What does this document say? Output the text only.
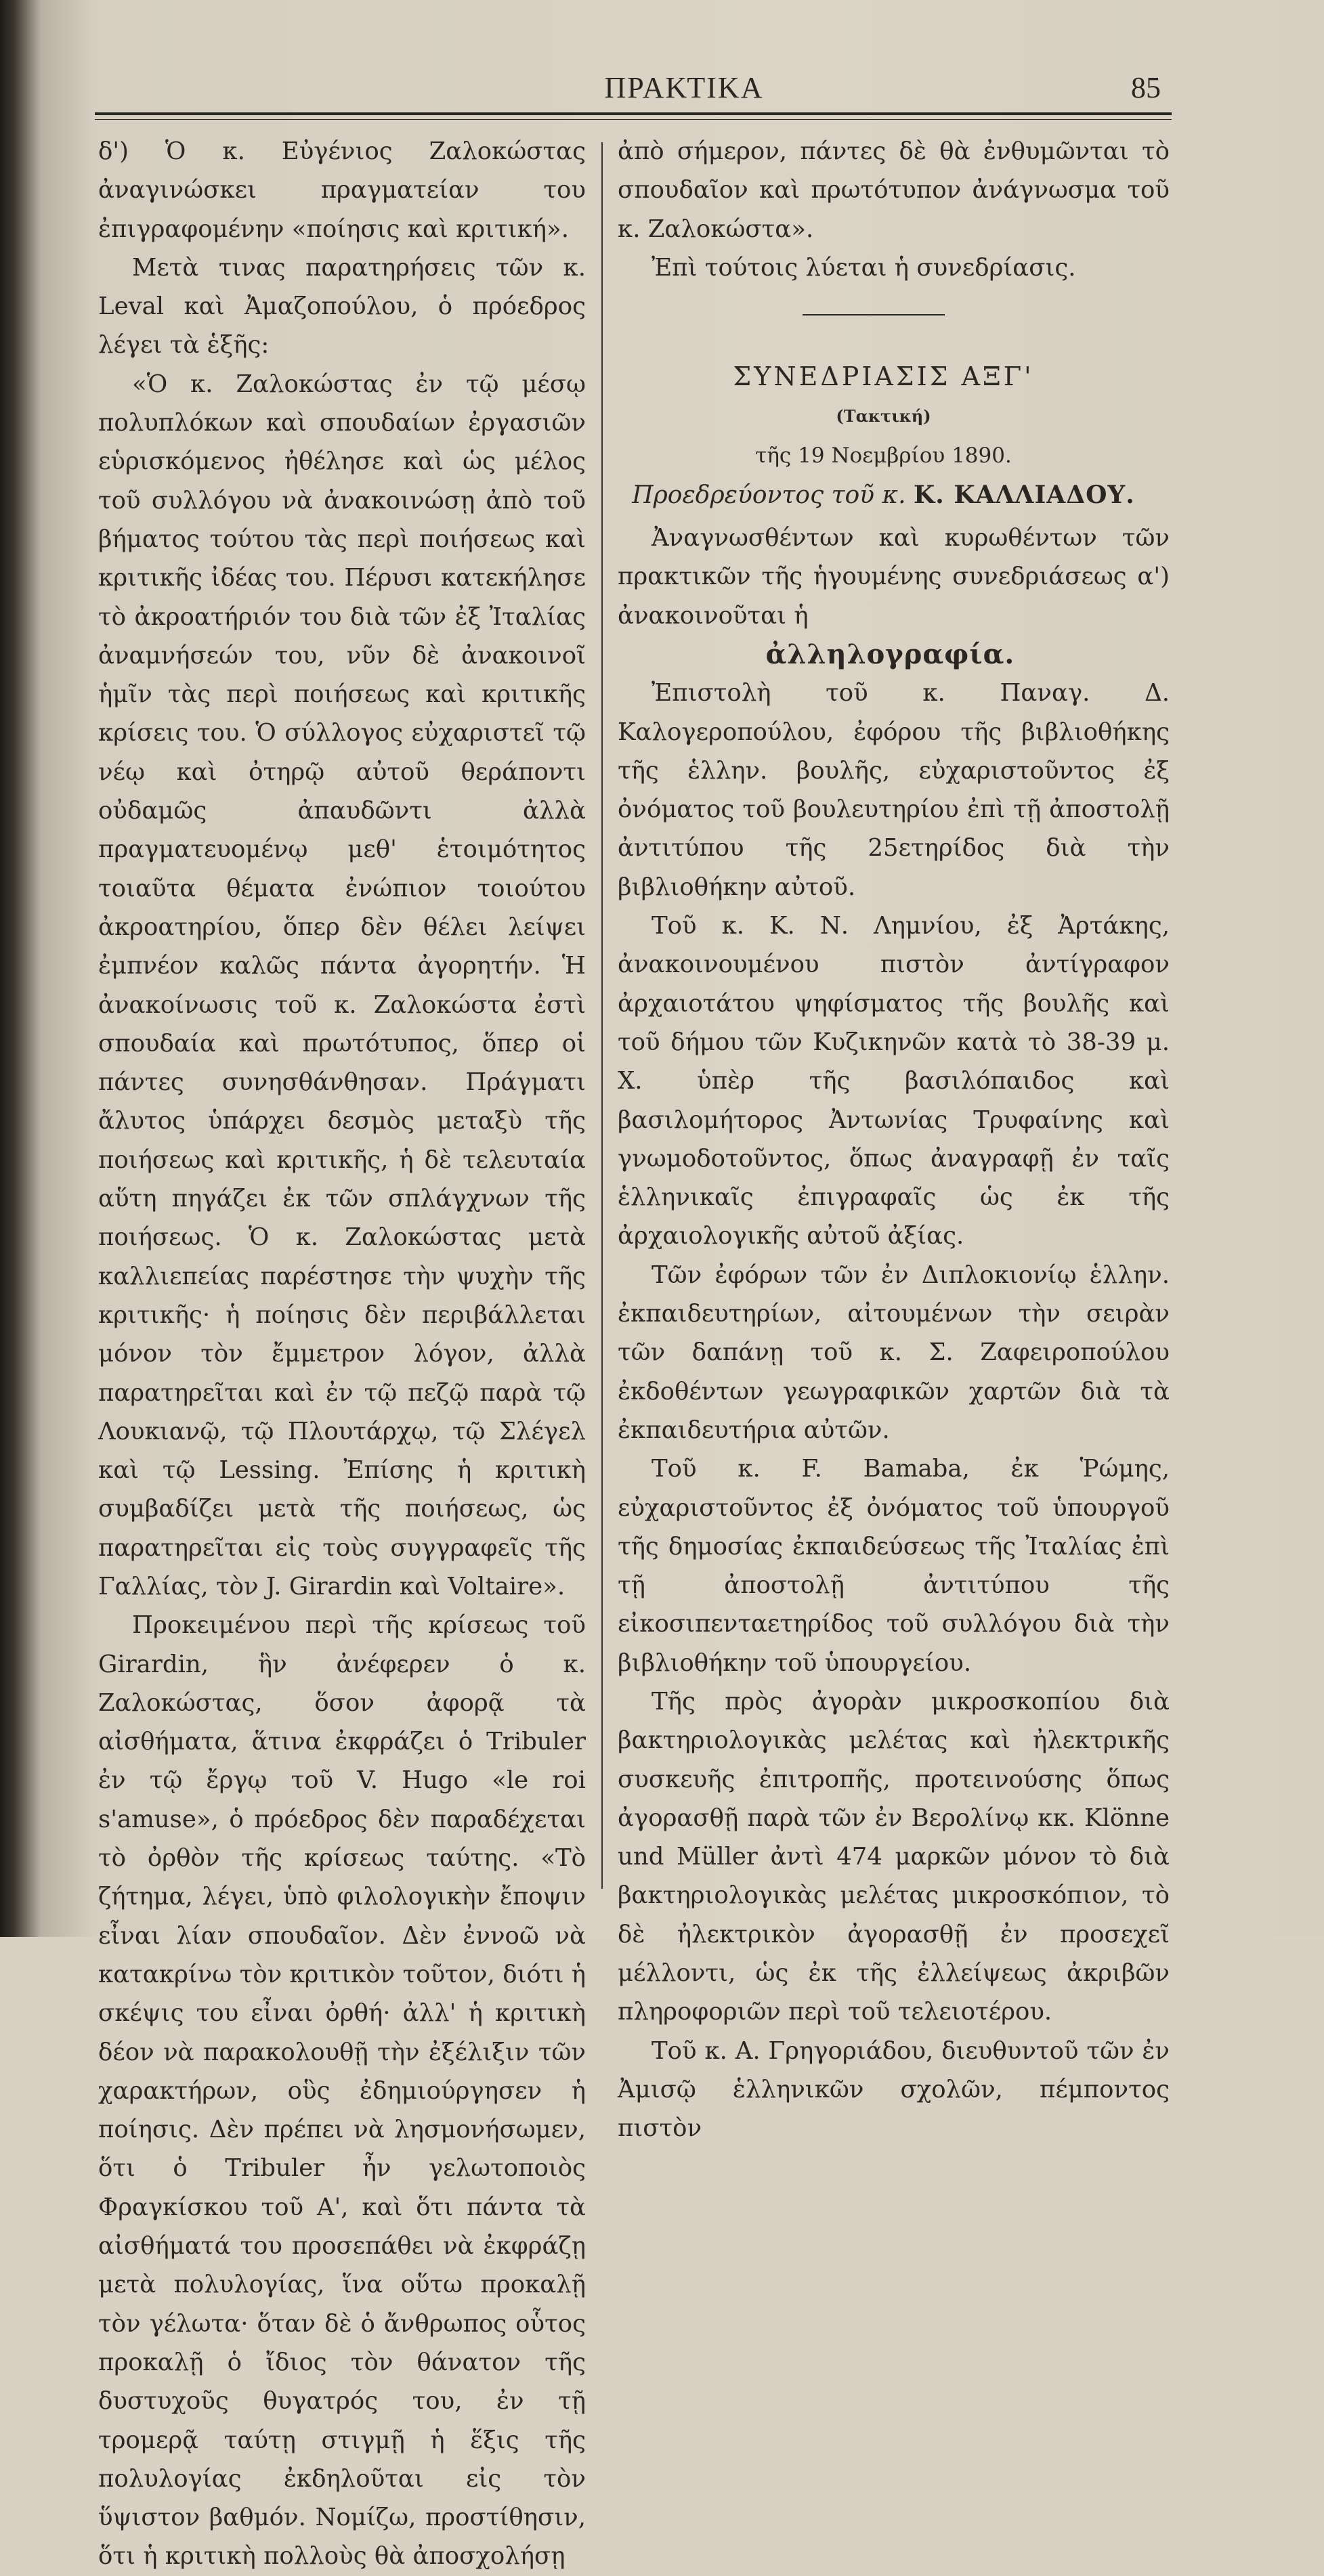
ΠΡΑΚΤΙΚΑ	85

δ') Ὁ κ. Εὐγένιος Ζαλοκώστας ἀναγινώσκει πραγματείαν του ἐπιγραφομένην «ποίησις καὶ κριτική».

Μετὰ τινας παρατηρήσεις τῶν κ. Leval καὶ Ἀμαζοπούλου, ὁ πρόεδρος λέγει τὰ ἑξῆς:

«Ὁ κ. Ζαλοκώστας ἐν τῷ μέσῳ πολυπλόκων καὶ σπουδαίων ἐργασιῶν εὑρισκόμενος ἠθέλησε καὶ ὡς μέλος τοῦ συλλόγου νὰ ἀνακοινώσῃ ἀπὸ τοῦ βήματος τούτου τὰς περὶ ποιήσεως καὶ κριτικῆς ἰδέας του. Πέρυσι κατεκήλησε τὸ ἀκροατήριόν του διὰ τῶν ἐξ Ἰταλίας ἀναμνήσεών του, νῦν δὲ ἀνακοινοῖ ἡμῖν τὰς περὶ ποιήσεως καὶ κριτικῆς κρίσεις του. Ὁ σύλλογος εὐχαριστεῖ τῷ νέῳ καὶ ὀτηρῷ αὐτοῦ θεράποντι οὐδαμῶς ἀπαυδῶντι ἀλλὰ πραγματευομένῳ μεθ' ἑτοιμότητος τοιαῦτα θέματα ἐνώπιον τοιούτου ἀκροατηρίου, ὅπερ δὲν θέλει λείψει ἐμπνέον καλῶς πάντα ἀγορητήν. Ἡ ἀνακοίνωσις τοῦ κ. Ζαλοκώστα ἐστὶ σπουδαία καὶ πρωτότυπος, ὅπερ οἱ πάντες συνησθάνθησαν. Πράγματι ἄλυτος ὑπάρχει δεσμὸς μεταξὺ τῆς ποιήσεως καὶ κριτικῆς, ἡ δὲ τελευταία αὕτη πηγάζει ἐκ τῶν σπλάγχνων τῆς ποιήσεως. Ὁ κ. Ζαλοκώστας μετὰ καλλιεπείας παρέστησε τὴν ψυχὴν τῆς κριτικῆς· ἡ ποίησις δὲν περιβάλλεται μόνον τὸν ἔμμετρον λόγον, ἀλλὰ παρατηρεῖται καὶ ἐν τῷ πεζῷ παρὰ τῷ Λουκιανῷ, τῷ Πλουτάρχῳ, τῷ Σλέγελ καὶ τῷ Lessing. Ἐπίσης ἡ κριτικὴ συμβαδίζει μετὰ τῆς ποιήσεως, ὡς παρατηρεῖται εἰς τοὺς συγγραφεῖς τῆς Γαλλίας, τὸν J. Girardin καὶ Voltaire».

Προκειμένου περὶ τῆς κρίσεως τοῦ Girardin, ἣν ἀνέφερεν ὁ κ. Ζαλοκώστας, ὅσον ἀφορᾷ τὰ αἰσθήματα, ἅτινα ἐκφράζει ὁ Tribuler ἐν τῷ ἔργῳ τοῦ V. Hugo «le roi s'amuse», ὁ πρόεδρος δὲν παραδέχεται τὸ ὀρθὸν τῆς κρίσεως ταύτης. «Τὸ ζήτημα, λέγει, ὑπὸ φιλολογικὴν ἔποψιν εἶναι λίαν σπουδαῖον. Δὲν ἐννοῶ νὰ κατακρίνω τὸν κριτικὸν τοῦτον, διότι ἡ σκέψις του εἶναι ὀρθή· ἀλλ' ἡ κριτικὴ δέον νὰ παρακολουθῇ τὴν ἐξέλιξιν τῶν χαρακτήρων, οὓς ἐδημιούργησεν ἡ ποίησις. Δὲν πρέπει νὰ λησμονήσωμεν, ὅτι ὁ Tribuler ἦν γελωτοποιὸς Φραγκίσκου τοῦ Α', καὶ ὅτι πάντα τὰ αἰσθήματά του προσεπάθει νὰ ἐκφράζῃ μετὰ πολυλογίας, ἵνα οὕτω προκαλῇ τὸν γέλωτα· ὅταν δὲ ὁ ἄνθρωπος οὗτος προκαλῇ ὁ ἴδιος τὸν θάνατον τῆς δυστυχοῦς θυγατρός του, ἐν τῇ τρομερᾷ ταύτῃ στιγμῇ ἡ ἕξις τῆς πολυλογίας ἐκδηλοῦται εἰς τὸν ὕψιστον βαθμόν. Νομίζω, προστίθησιν, ὅτι ἡ κριτικὴ πολλοὺς θὰ ἀποσχολήσῃ

ἀπὸ σήμερον, πάντες δὲ θὰ ἐνθυμῶνται τὸ σπουδαῖον καὶ πρωτότυπον ἀνάγνωσμα τοῦ κ. Ζαλοκώστα».

Ἐπὶ τούτοις λύεται ἡ συνεδρίασις.

ΣΥΝΕΔΡΙΑΣΙΣ ΑΞΓ'

(Τακτική)

τῆς 19 Νοεμβρίου 1890.

Προεδρεύοντος τοῦ κ. Κ. ΚΑΛΛΙΑΔΟΥ.

Ἀναγνωσθέντων καὶ κυρωθέντων τῶν πρακτικῶν τῆς ἡγουμένης συνεδριάσεως α') ἀνακοινοῦται ἡ

ἀλληλογραφία.

Ἐπιστολὴ τοῦ κ. Παναγ. Δ. Καλογεροπούλου, ἐφόρου τῆς βιβλιοθήκης τῆς ἑλλην. βουλῆς, εὐχαριστοῦντος ἐξ ὀνόματος τοῦ βουλευτηρίου ἐπὶ τῇ ἀποστολῇ ἀντιτύπου τῆς 25ετηρίδος διὰ τὴν βιβλιοθήκην αὐτοῦ.

Τοῦ κ. Κ. Ν. Λημνίου, ἐξ Ἀρτάκης, ἀνακοινουμένου πιστὸν ἀντίγραφον ἀρχαιοτάτου ψηφίσματος τῆς βουλῆς καὶ τοῦ δήμου τῶν Κυζικηνῶν κατὰ τὸ 38-39 μ. Χ. ὑπὲρ τῆς βασιλόπαιδος καὶ βασιλομήτορος Ἀντωνίας Τρυφαίνης καὶ γνωμοδοτοῦντος, ὅπως ἀναγραφῇ ἐν ταῖς ἑλληνικαῖς ἐπιγραφαῖς ὡς ἐκ τῆς ἀρχαιολογικῆς αὐτοῦ ἀξίας.

Τῶν ἐφόρων τῶν ἐν Διπλοκιονίῳ ἑλλην. ἐκπαιδευτηρίων, αἰτουμένων τὴν σειρὰν τῶν δαπάνῃ τοῦ κ. Σ. Ζαφειροπούλου ἐκδοθέντων γεωγραφικῶν χαρτῶν διὰ τὰ ἐκπαιδευτήρια αὐτῶν.

Τοῦ κ. F. Bamaba, ἐκ Ῥώμης, εὐχαριστοῦντος ἐξ ὀνόματος τοῦ ὑπουργοῦ τῆς δημοσίας ἐκπαιδεύσεως τῆς Ἰταλίας ἐπὶ τῇ ἀποστολῇ ἀντιτύπου τῆς εἰκοσιπενταετηρίδος τοῦ συλλόγου διὰ τὴν βιβλιοθήκην τοῦ ὑπουργείου.

Τῆς πρὸς ἀγορὰν μικροσκοπίου διὰ βακτηριολογικὰς μελέτας καὶ ἠλεκτρικῆς συσκευῆς ἐπιτροπῆς, προτεινούσης ὅπως ἀγορασθῇ παρὰ τῶν ἐν Βερολίνῳ κκ. Klönne und Müller ἀντὶ 474 μαρκῶν μόνον τὸ διὰ βακτηριολογικὰς μελέτας μικροσκόπιον, τὸ δὲ ἠλεκτρικὸν ἀγορασθῇ ἐν προσεχεῖ μέλλοντι, ὡς ἐκ τῆς ἐλλείψεως ἀκριβῶν πληροφοριῶν περὶ τοῦ τελειοτέρου.

Τοῦ κ. Α. Γρηγοριάδου, διευθυντοῦ τῶν ἐν Ἀμισῷ ἑλληνικῶν σχολῶν, πέμποντος πιστὸν
